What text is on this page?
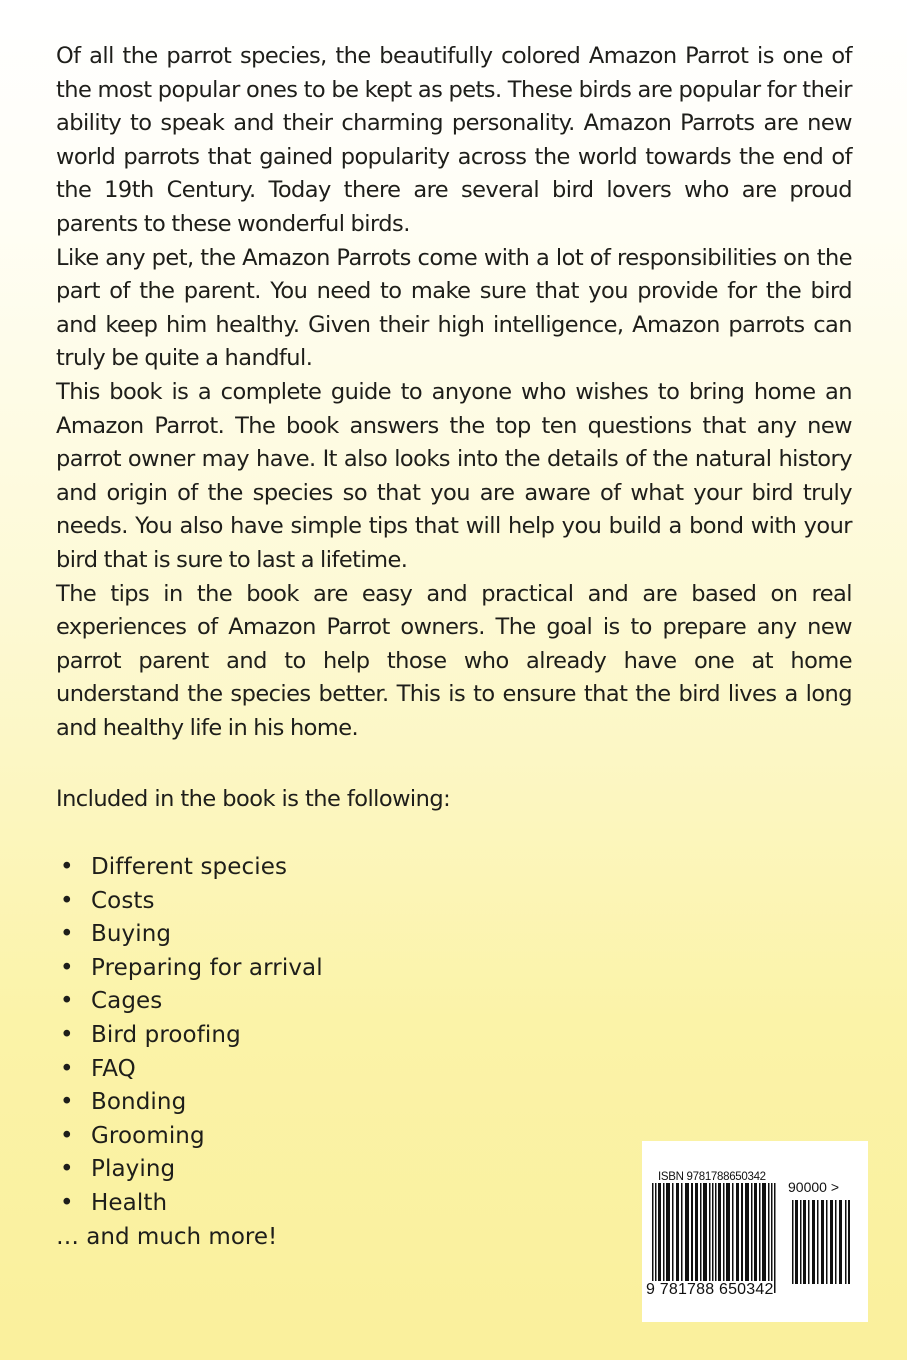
Of all the parrot species, the beautifully colored Amazon Parrot is one of the most popular ones to be kept as pets. These birds are popular for their ability to speak and their charming personality. Amazon Parrots are new world parrots that gained popularity across the world towards the end of the 19th Century. Today there are several bird lovers who are proud parents to these wonderful birds.

Like any pet, the Amazon Parrots come with a lot of responsibilities on the part of the parent. You need to make sure that you provide for the bird and keep him healthy. Given their high intelligence, Amazon parrots can truly be quite a handful.

This book is a complete guide to anyone who wishes to bring home an Amazon Parrot. The book answers the top ten questions that any new parrot owner may have. It also looks into the details of the natural history and origin of the species so that you are aware of what your bird truly needs. You also have simple tips that will help you build a bond with your bird that is sure to last a lifetime.

The tips in the book are easy and practical and are based on real experiences of Amazon Parrot owners. The goal is to prepare any new parrot parent and to help those who already have one at home understand the species better. This is to ensure that the bird lives a long and healthy life in his home.

Included in the book is the following:
• Different species
• Costs
• Buying
• Preparing for arrival
• Cages
• Bird proofing
• FAQ
• Bonding
• Grooming
• Playing
• Health
… and much more!
ISBN 9781788650342
9 781788 650342
90000 >
